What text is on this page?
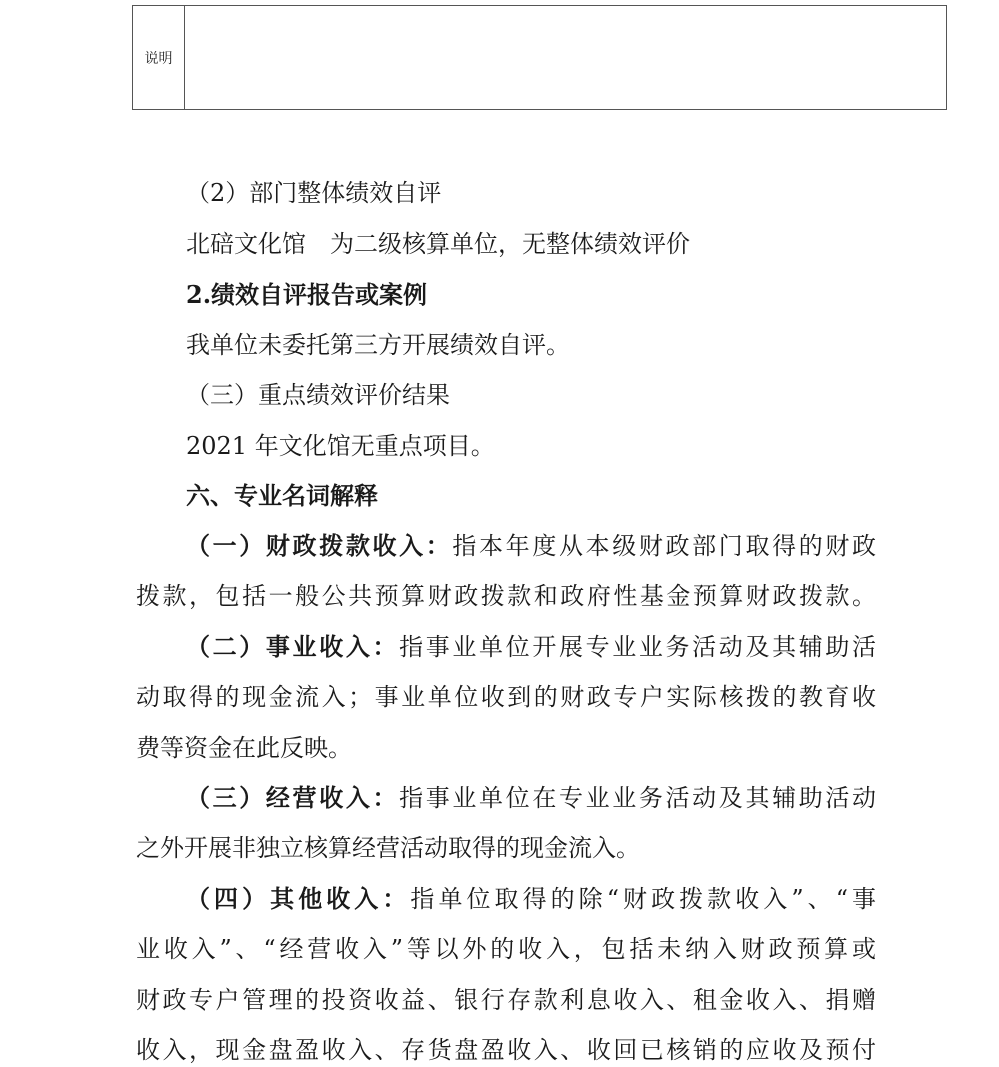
说明
（2）部门整体绩效自评
北碚文化馆　为二级核算单位，无整体绩效评价
2.绩效自评报告或案例
我单位未委托第三方开展绩效自评。
（三）重点绩效评价结果
2021 年文化馆无重点项目。
六、专业名词解释
（一）财政拨款收入：指本年度从本级财政部门取得的财政
拨款，包括一般公共预算财政拨款和政府性基金预算财政拨款。
（二）事业收入：指事业单位开展专业业务活动及其辅助活
动取得的现金流入；事业单位收到的财政专户实际核拨的教育收
费等资金在此反映。
（三）经营收入：指事业单位在专业业务活动及其辅助活动
之外开展非独立核算经营活动取得的现金流入。
（四）其他收入：指单位取得的除“财政拨款收入”、“事
业收入”、“经营收入”等以外的收入，包括未纳入财政预算或
财政专户管理的投资收益、银行存款利息收入、租金收入、捐赠
收入，现金盘盈收入、存货盘盈收入、收回已核销的应收及预付
